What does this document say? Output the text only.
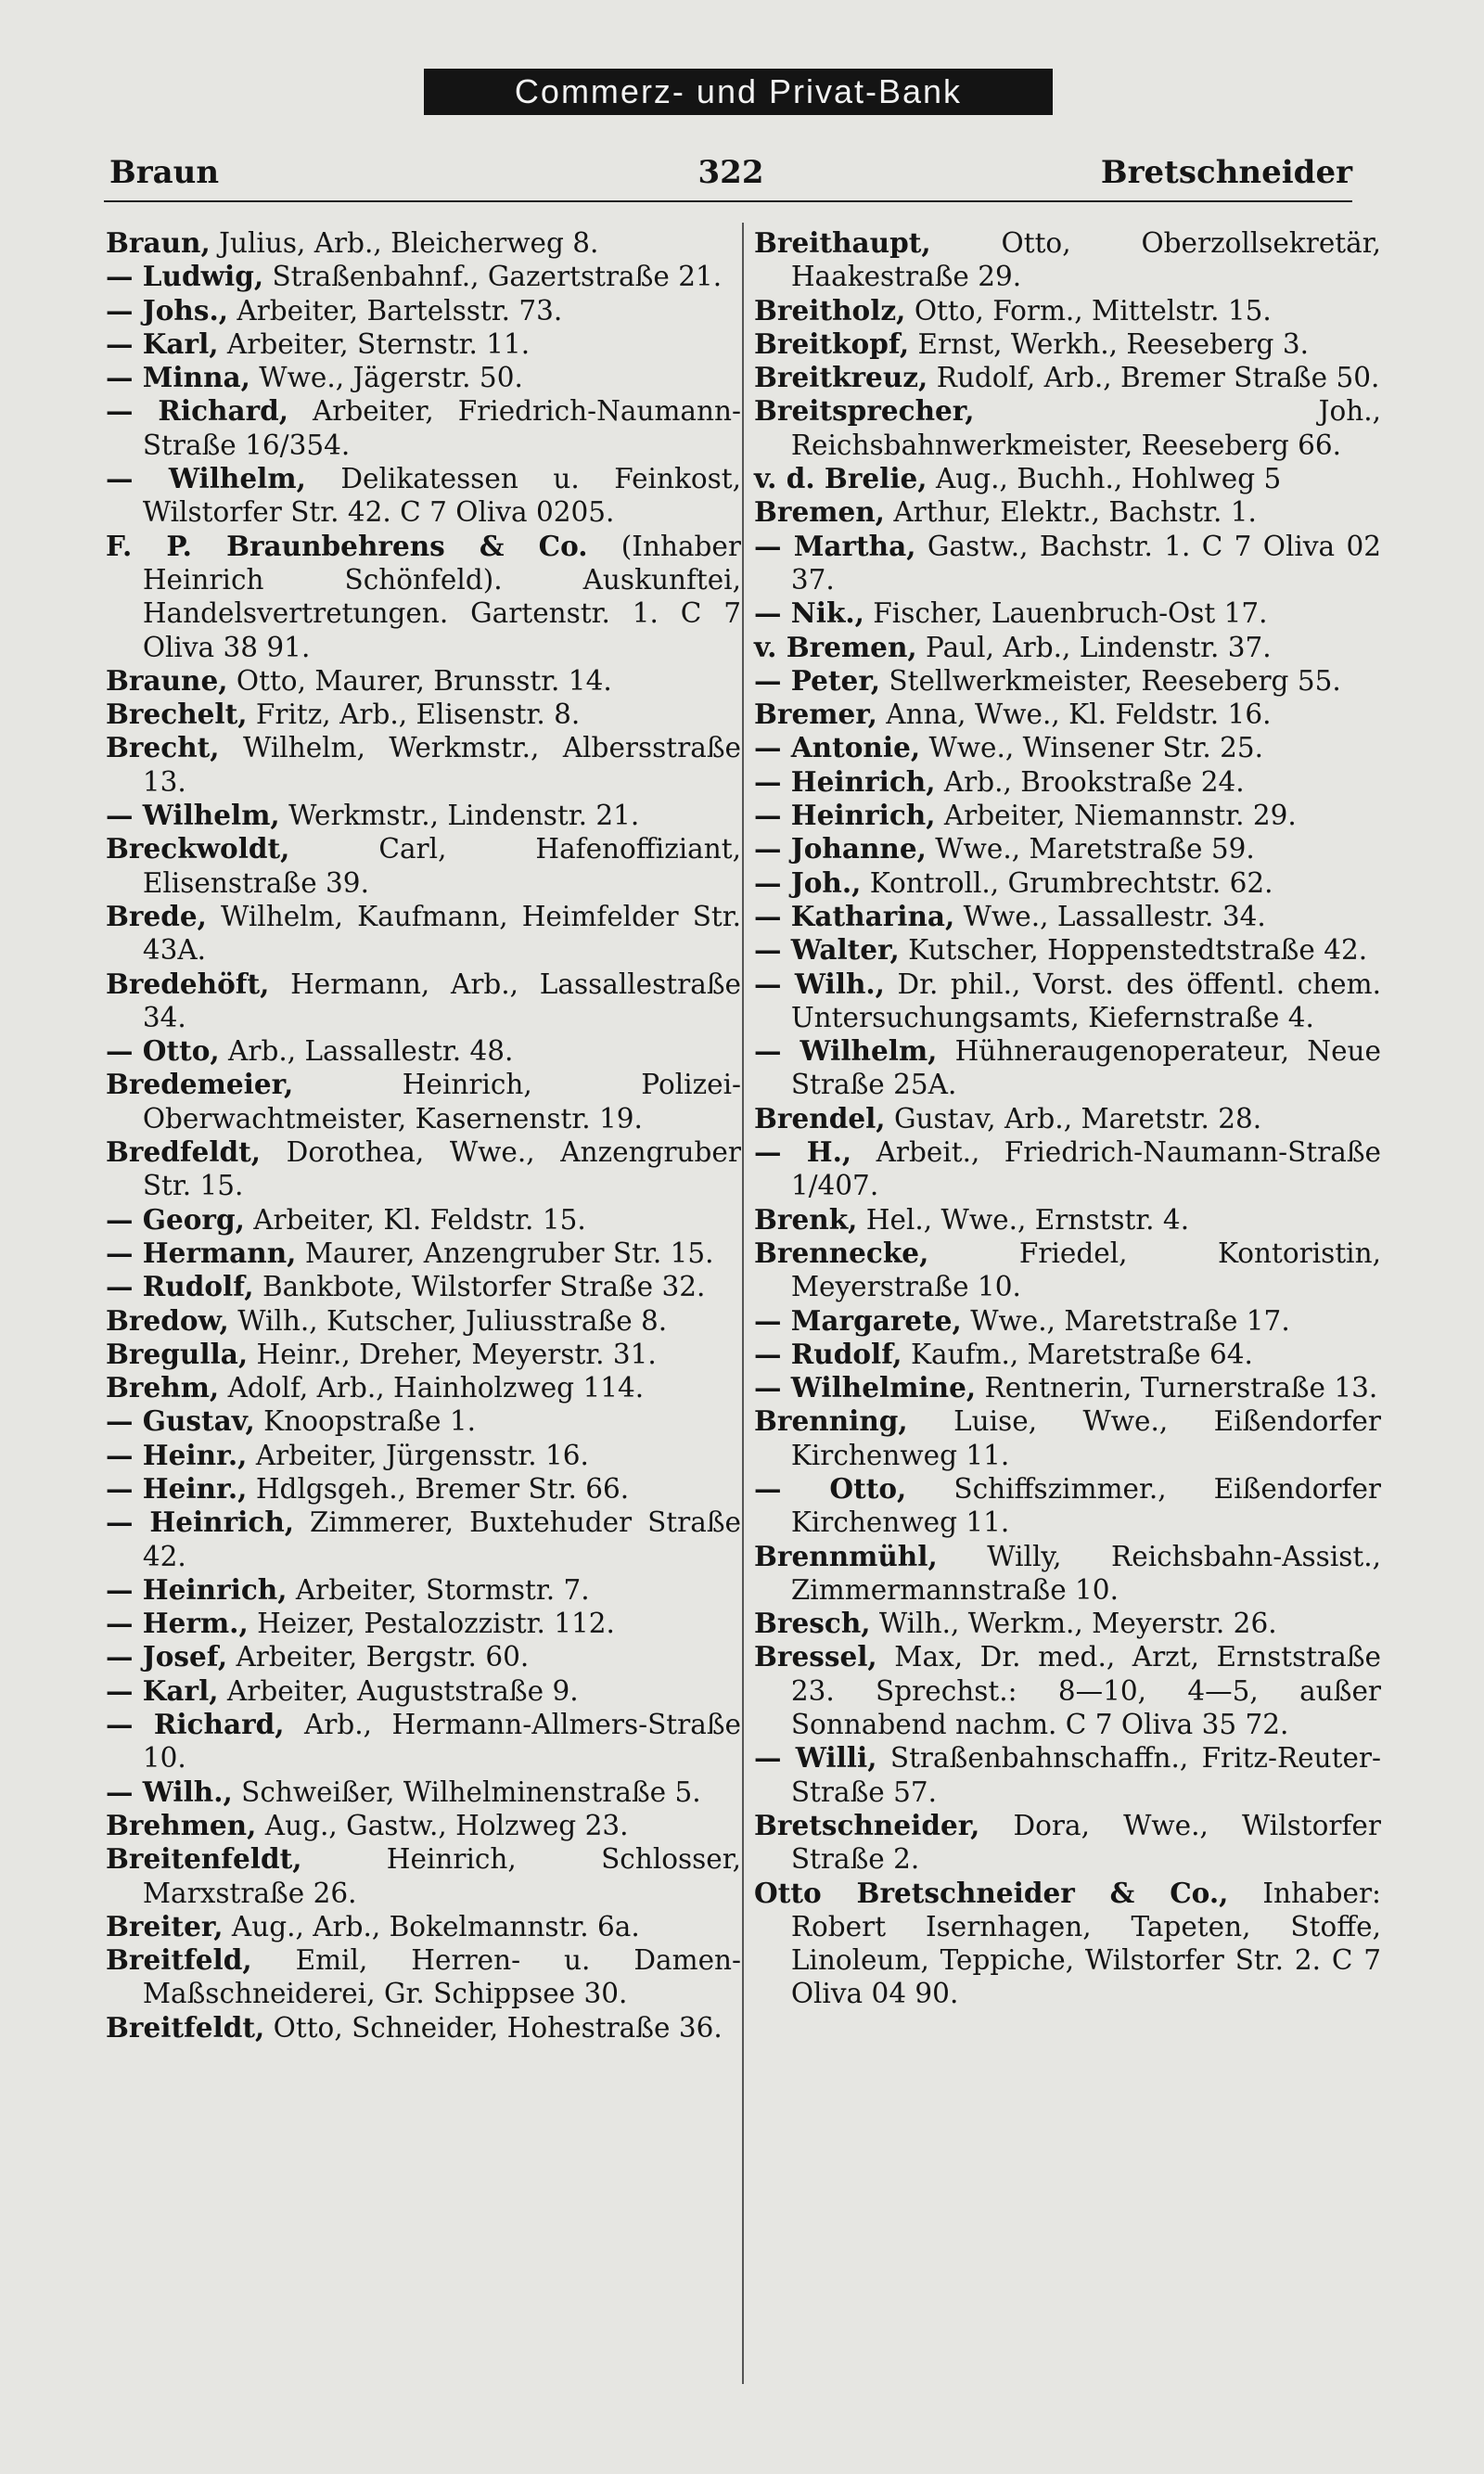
Commerz- und Privat-Bank
Braun	322	Bretschneider

Braun, Julius, Arb., Bleicherweg 8.

— Ludwig, Straßenbahnf., Gazertstraße 21.

— Johs., Arbeiter, Bartelsstr. 73.

— Karl, Arbeiter, Sternstr. 11.

— Minna, Wwe., Jägerstr. 50.

— Richard, Arbeiter, Friedrich-Naumann-Straße 16/354.

— Wilhelm, Delikatessen u. Feinkost, Wilstorfer Str. 42. C 7 Oliva 0205.

F. P. Braunbehrens & Co. (Inhaber Heinrich Schönfeld). Auskunftei, Handelsvertretungen. Gartenstr. 1. C 7 Oliva 38 91.

Braune, Otto, Maurer, Brunsstr. 14.

Brechelt, Fritz, Arb., Elisenstr. 8.

Brecht, Wilhelm, Werkmstr., Albersstraße 13.

— Wilhelm, Werkmstr., Lindenstr. 21.

Breckwoldt, Carl, Hafenoffiziant, Elisenstraße 39.

Brede, Wilhelm, Kaufmann, Heimfelder Str. 43A.

Bredehöft, Hermann, Arb., Lassallestraße 34.

— Otto, Arb., Lassallestr. 48.

Bredemeier, Heinrich, Polizei-Oberwachtmeister, Kasernenstr. 19.

Bredfeldt, Dorothea, Wwe., Anzengruber Str. 15.

— Georg, Arbeiter, Kl. Feldstr. 15.

— Hermann, Maurer, Anzengruber Str. 15.

— Rudolf, Bankbote, Wilstorfer Straße 32.

Bredow, Wilh., Kutscher, Juliusstraße 8.

Bregulla, Heinr., Dreher, Meyerstr. 31.

Brehm, Adolf, Arb., Hainholzweg 114.

— Gustav, Knoopstraße 1.

— Heinr., Arbeiter, Jürgensstr. 16.

— Heinr., Hdlgsgeh., Bremer Str. 66.

— Heinrich, Zimmerer, Buxtehuder Straße 42.

— Heinrich, Arbeiter, Stormstr. 7.

— Herm., Heizer, Pestalozzistr. 112.

— Josef, Arbeiter, Bergstr. 60.

— Karl, Arbeiter, Auguststraße 9.

— Richard, Arb., Hermann-Allmers-Straße 10.

— Wilh., Schweißer, Wilhelminenstraße 5.

Brehmen, Aug., Gastw., Holzweg 23.

Breitenfeldt, Heinrich, Schlosser, Marxstraße 26.

Breiter, Aug., Arb., Bokelmannstr. 6a.

Breitfeld, Emil, Herren- u. Damen-Maßschneiderei, Gr. Schippsee 30.

Breitfeldt, Otto, Schneider, Hohestraße 36.

Breithaupt, Otto, Oberzollsekretär, Haakestraße 29.

Breitholz, Otto, Form., Mittelstr. 15.

Breitkopf, Ernst, Werkh., Reeseberg 3.

Breitkreuz, Rudolf, Arb., Bremer Straße 50.

Breitsprecher, Joh., Reichsbahnwerkmeister, Reeseberg 66.

v. d. Brelie, Aug., Buchh., Hohlweg 5

Bremen, Arthur, Elektr., Bachstr. 1.

— Martha, Gastw., Bachstr. 1. C 7 Oliva 02 37.

— Nik., Fischer, Lauenbruch-Ost 17.

v. Bremen, Paul, Arb., Lindenstr. 37.

— Peter, Stellwerkmeister, Reeseberg 55.

Bremer, Anna, Wwe., Kl. Feldstr. 16.

— Antonie, Wwe., Winsener Str. 25.

— Heinrich, Arb., Brookstraße 24.

— Heinrich, Arbeiter, Niemannstr. 29.

— Johanne, Wwe., Maretstraße 59.

— Joh., Kontroll., Grumbrechtstr. 62.

— Katharina, Wwe., Lassallestr. 34.

— Walter, Kutscher, Hoppenstedtstraße 42.

— Wilh., Dr. phil., Vorst. des öffentl. chem. Untersuchungsamts, Kiefernstraße 4.

— Wilhelm, Hühneraugenoperateur, Neue Straße 25A.

Brendel, Gustav, Arb., Maretstr. 28.

— H., Arbeit., Friedrich-Naumann-Straße 1/407.

Brenk, Hel., Wwe., Ernststr. 4.

Brennecke, Friedel, Kontoristin, Meyerstraße 10.

— Margarete, Wwe., Maretstraße 17.

— Rudolf, Kaufm., Maretstraße 64.

— Wilhelmine, Rentnerin, Turnerstraße 13.

Brenning, Luise, Wwe., Eißendorfer Kirchenweg 11.

— Otto, Schiffszimmer., Eißendorfer Kirchenweg 11.

Brennmühl, Willy, Reichsbahn-Assist., Zimmermannstraße 10.

Bresch, Wilh., Werkm., Meyerstr. 26.

Bressel, Max, Dr. med., Arzt, Ernststraße 23. Sprechst.: 8—10, 4—5, außer Sonnabend nachm. C 7 Oliva 35 72.

— Willi, Straßenbahnschaffn., Fritz-Reuter-Straße 57.

Bretschneider, Dora, Wwe., Wilstorfer Straße 2.

Otto Bretschneider & Co., Inhaber: Robert Isernhagen, Tapeten, Stoffe, Linoleum, Teppiche, Wilstorfer Str. 2. C 7 Oliva 04 90.
